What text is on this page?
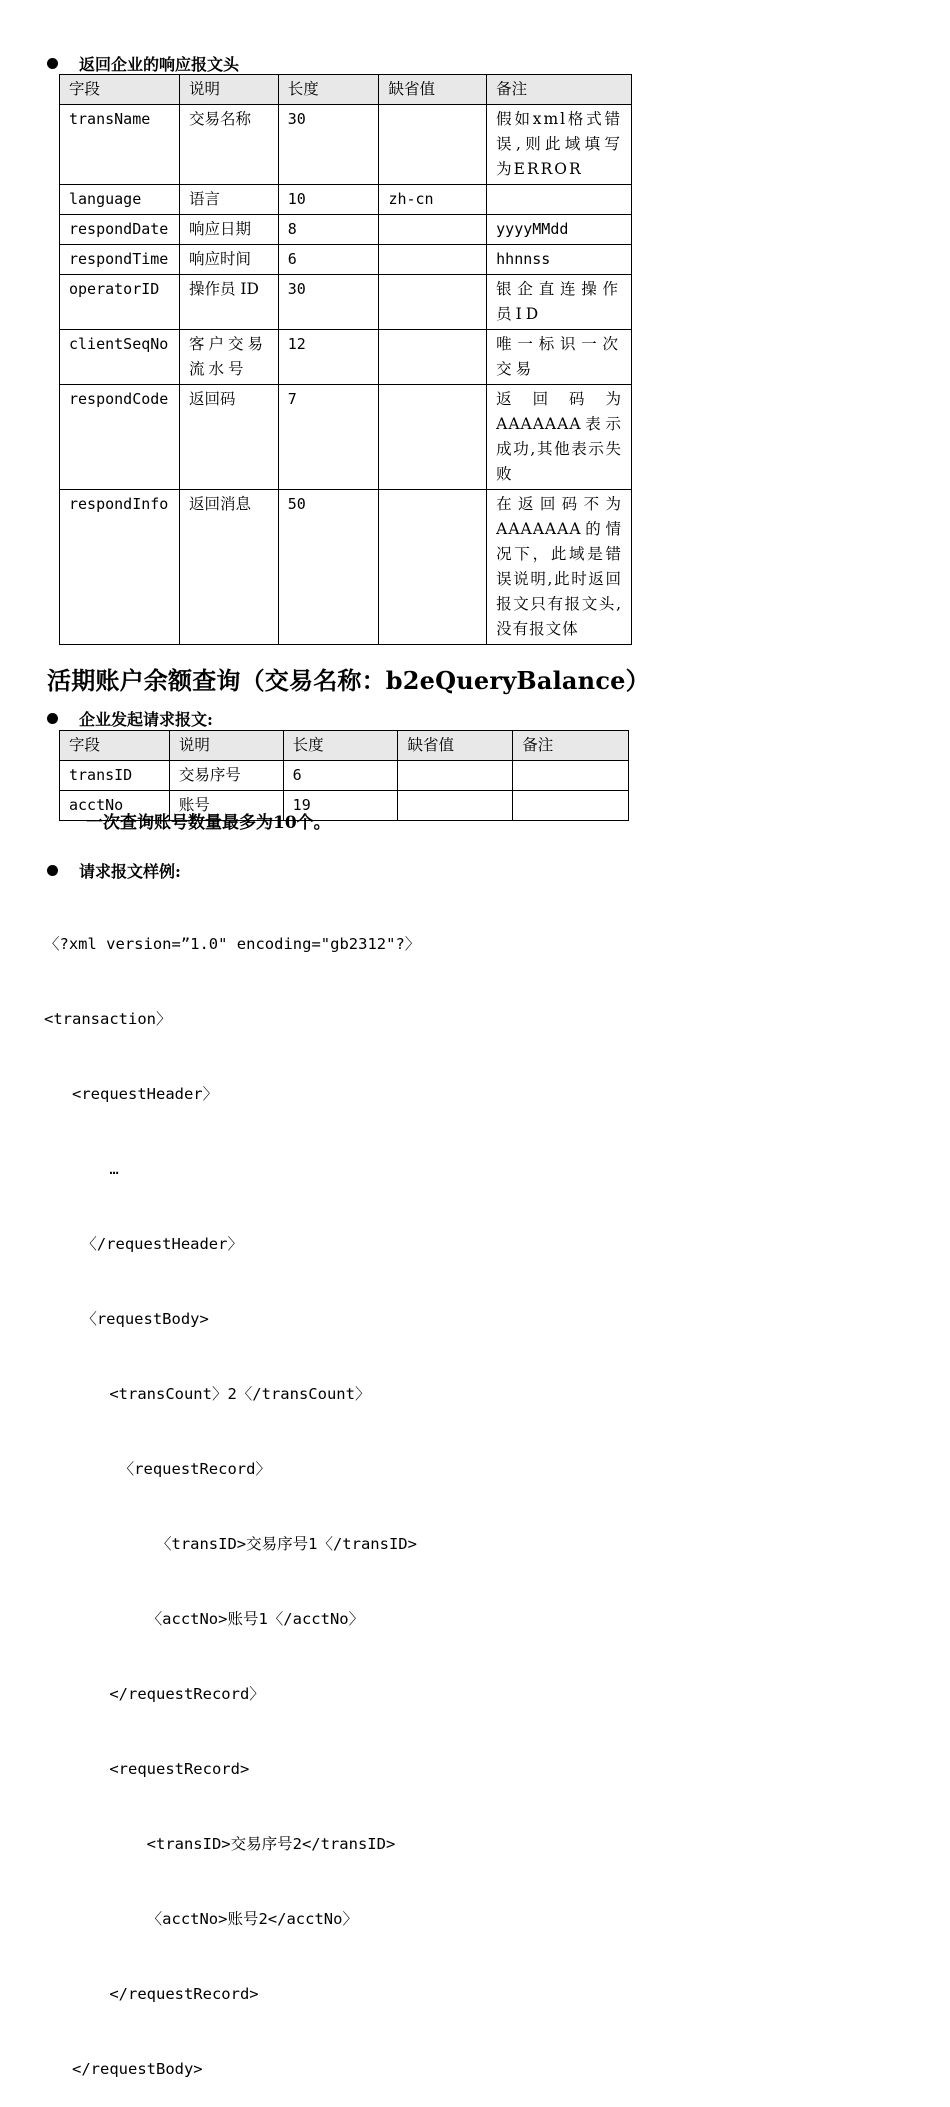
返回企业的响应报文头
字段	说明	长度	缺省值	备注
transName	交易名称	30		假如xml格式错误,则此域填写为ERROR
language	语言	10	zh-cn	
respondDate	响应日期	8		yyyyMMdd
respondTime	响应时间	6		hhnnss
operatorID	操作员 ID	30		银企直连操作员ID
clientSeqNo	客户交易流水号	12		唯一标识一次交易
respondCode	返回码	7		返回码为AAAAAAA表示成功,其他表示失败
respondInfo	返回消息	50		在返回码不为AAAAAAA的情况下，此域是错误说明,此时返回报文只有报文头,没有报文体
活期账户余额查询（交易名称：b2eQueryBalance）
企业发起请求报文:
字段	说明	长度	缺省值	备注
transID	交易序号	6		
acctNo	账号	19		
一次查询账号数量最多为10个。
请求报文样例:

〈?xml version=”1.0" encoding="gb2312"?〉

<transaction〉

<requestHeader〉

…

〈/requestHeader〉

〈requestBody>

<transCount〉2〈/transCount〉

〈requestRecord〉

〈transID>交易序号1〈/transID>

〈acctNo>账号1〈/acctNo〉

</requestRecord〉

<requestRecord>

<transID>交易序号2</transID>

〈acctNo>账号2</acctNo〉

</requestRecord>

</requestBody>
